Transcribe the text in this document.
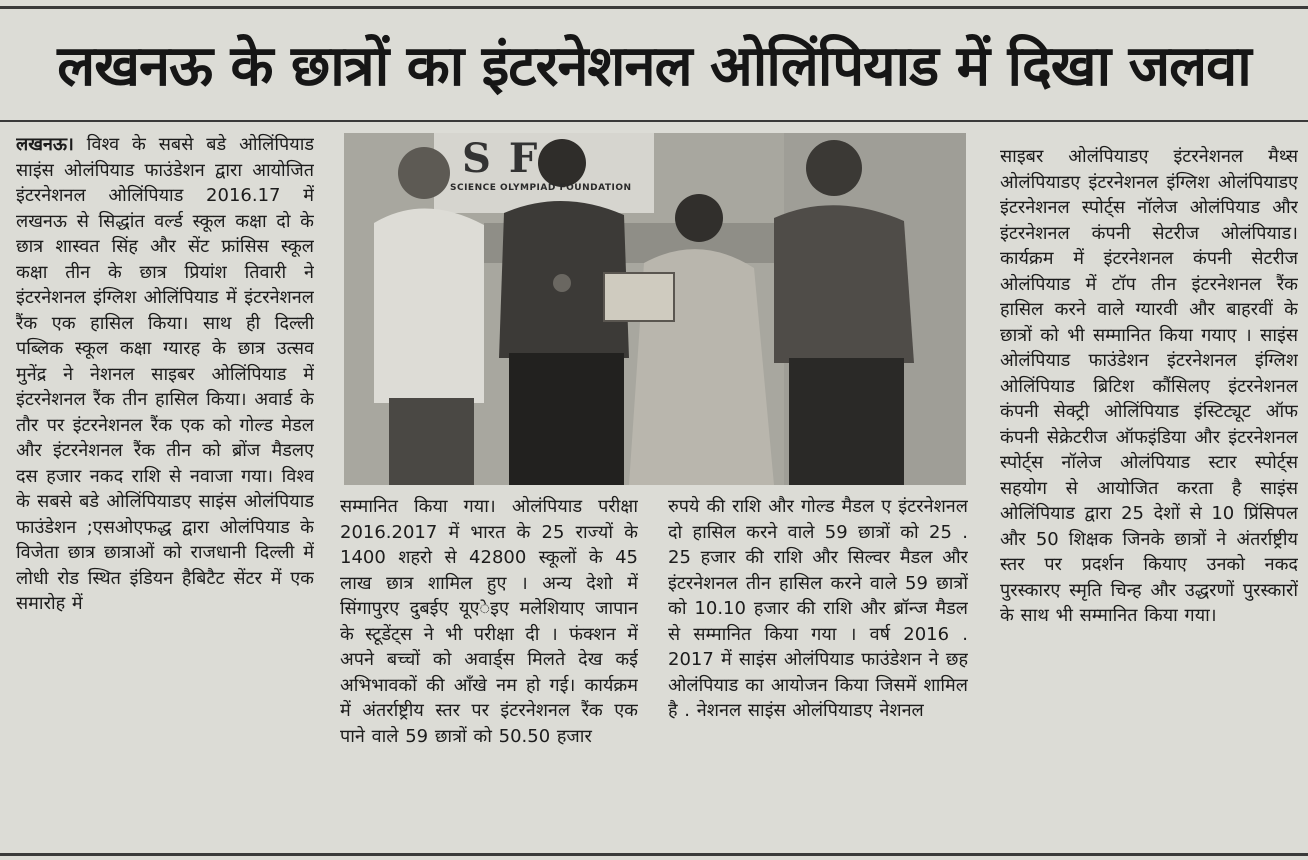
लखनऊ के छात्रों का इंटरनेशनल ओलिंपियाड में दिखा जलवा

लखनऊ। विश्व के सबसे बडे ओलिंपियाड साइंस ओलंपियाड फाउंडेशन द्वारा आयोजित इंटरनेशनल ओलिंपियाड 2016.17 में लखनऊ से सिद्धांत वर्ल्ड स्कूल कक्षा दो के छात्र शास्वत सिंह और सेंट फ्रांसिस स्कूल कक्षा तीन के छात्र प्रियांश तिवारी ने इंटरनेशनल इंग्लिश ओलिंपियाड में इंटरनेशनल रैंक एक हासिल किया। साथ ही दिल्ली पब्लिक स्कूल कक्षा ग्यारह के छात्र उत्सव मुनेंद्र ने नेशनल साइबर ओलिंपियाड में इंटरनेशनल रैंक तीन हासिल किया। अवार्ड के तौर पर इंटरनेशनल रैंक एक को गोल्ड मेडल और इंटरनेशनल रैंक तीन को ब्रोंज मैडलए दस हजार नकद राशि से नवाजा गया। विश्व के सबसे बडे ओलिंपियाडए साइंस ओलंपियाड फाउंडेशन ;एसओएफद्ध द्वारा ओलंपियाड के विजेता छात्र छात्राओं को राजधानी दिल्ली में लोधी रोड स्थित इंडियन हैबिटैट सेंटर में एक समारोह में

S F
SCIENCE OLYMPIAD FOUNDATION

सम्मानित किया गया। ओलंपियाड परीक्षा 2016.2017 में भारत के 25 राज्यों के 1400 शहरो से 42800 स्कूलों के 45 लाख छात्र शामिल हुए । अन्य देशो में सिंगापुरए दुबईए यूएेइए मलेशियाए जापान के स्टूडेंट्स ने भी परीक्षा दी । फंक्शन में अपने बच्चों को अवार्ड्स मिलते देख कई अभिभावकों की आँखे नम हो गई। कार्यक्रम में अंतर्राष्ट्रीय स्तर पर इंटरनेशनल रैंक एक पाने वाले 59 छात्रों को 50.50 हजार

रुपये की राशि और गोल्ड मैडल ए इंटरनेशनल दो हासिल करने वाले 59 छात्रों को 25 . 25 हजार की राशि और सिल्वर मैडल और इंटरनेशनल तीन हासिल करने वाले 59 छात्रों को 10.10 हजार की राशि और ब्रॉन्ज मैडल से सम्मानित किया गया । वर्ष 2016 . 2017 में साइंस ओलंपियाड फाउंडेशन ने छह ओलंपियाड का आयोजन किया जिसमें शामिल है . नेशनल साइंस ओलंपियाडए नेशनल

साइबर ओलंपियाडए इंटरनेशनल मैथ्स ओलंपियाडए इंटरनेशनल इंग्लिश ओलंपियाडए इंटरनेशनल स्पोर्ट्स नॉलेज ओलंपियाड और इंटरनेशनल कंपनी सेटरीज ओलंपियाड।कार्यक्रम में इंटरनेशनल कंपनी सेटरीज ओलंपियाड में टॉप तीन इंटरनेशनल रैंक हासिल करने वाले ग्यारवी और बाहरवीं के छात्रों को भी सम्मानित किया गयाए । साइंस ओलंपियाड फाउंडेशन इंटरनेशनल इंग्लिश ओलिंपियाड ब्रिटिश कौंसिलए इंटरनेशनल कंपनी सेक्ट्री ओलिंपियाड इंस्टिट्यूट ऑफ कंपनी सेक्रेटरीज ऑफइंडिया और इंटरनेशनल स्पोर्ट्स नॉलेज ओलंपियाड स्टार स्पोर्ट्स सहयोग से आयोजित करता है साइंस ओलिंपियाड द्वारा 25 देशों से 10 प्रिंसिपल और 50 शिक्षक जिनके छात्रों ने अंतर्राष्ट्रीय स्तर पर प्रदर्शन कियाए उनको नकद पुरस्कारए स्मृति चिन्ह और उद्धरणों पुरस्कारों के साथ भी सम्मानित किया गया।
